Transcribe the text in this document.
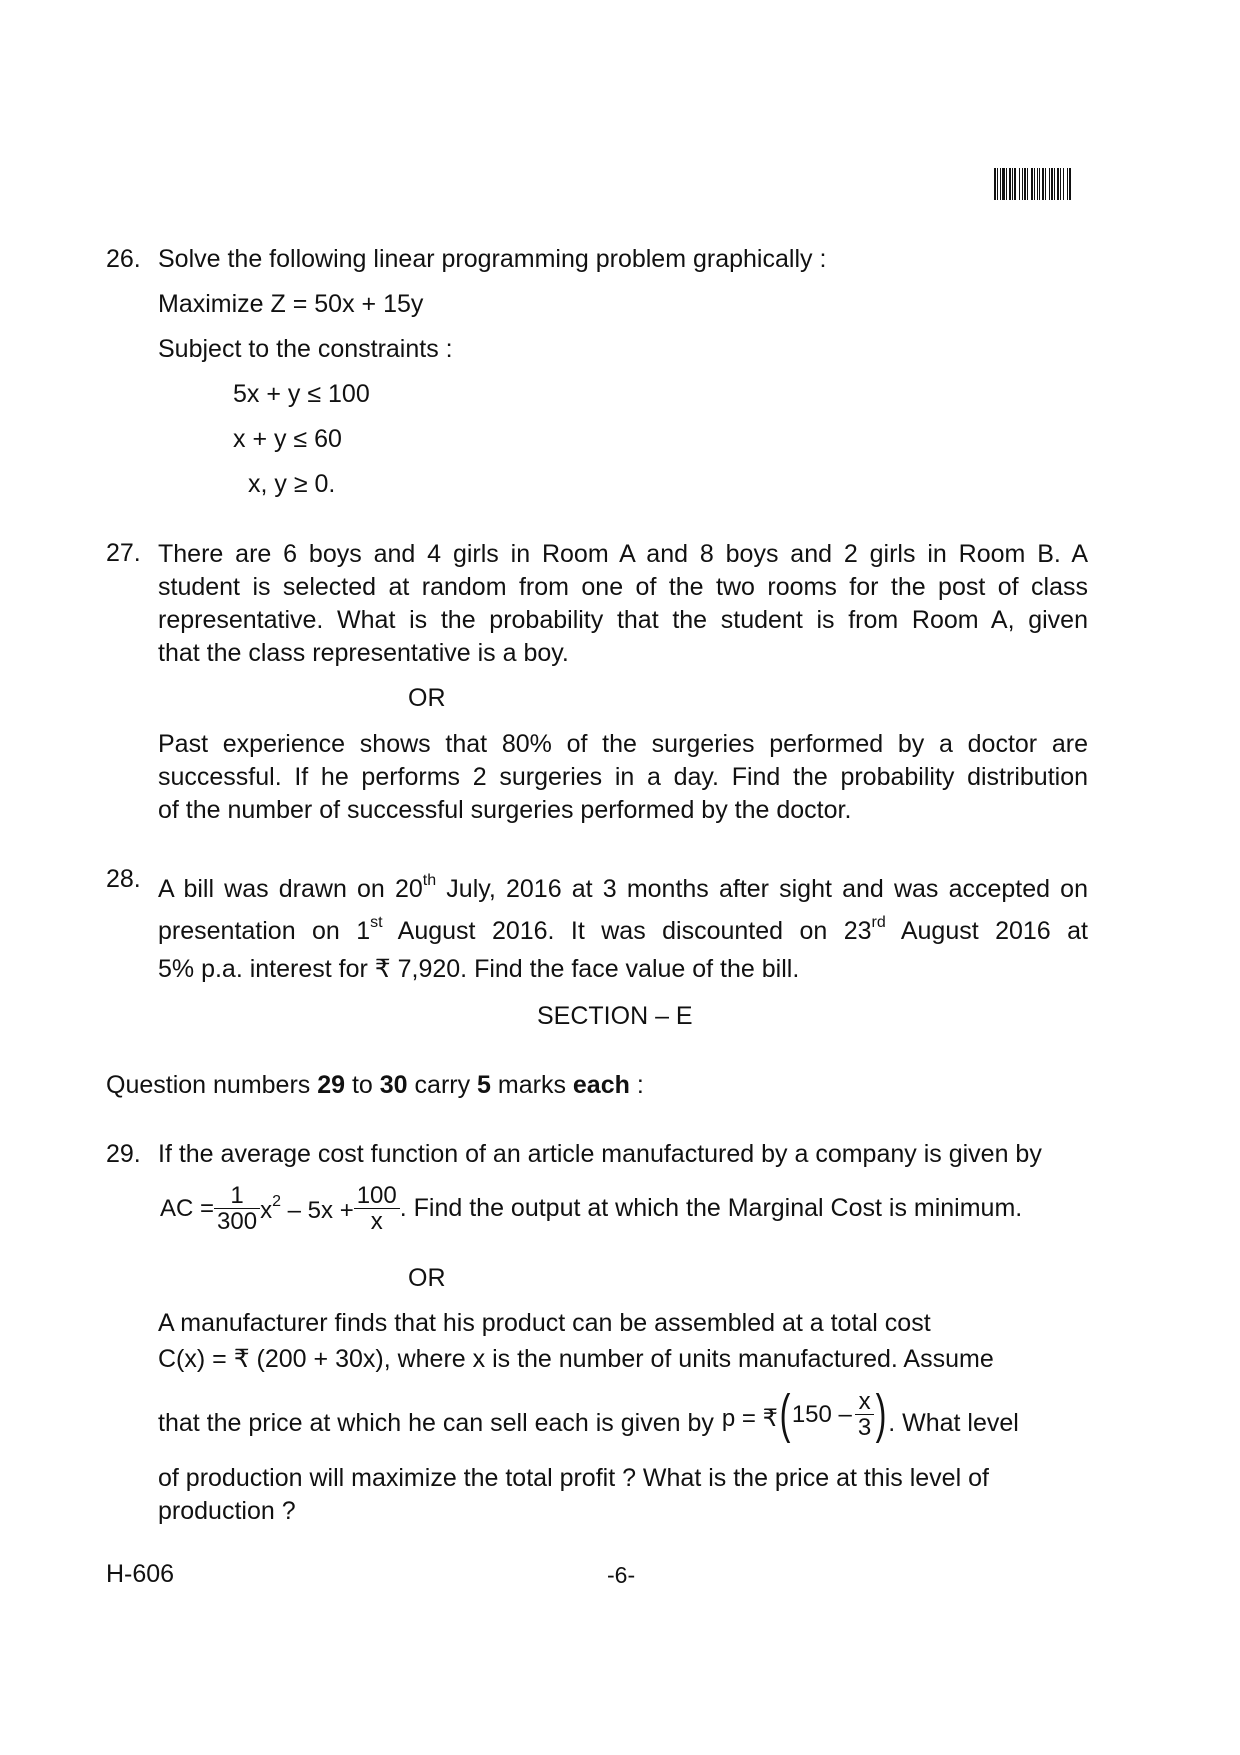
26. Solve the following linear programming problem graphically :
Maximize Z = 50x + 15y
Subject to the constraints :
5x + y ≤ 100
x + y ≤ 60
x, y ≥ 0.
27. There are 6 boys and 4 girls in Room A and 8 boys and 2 girls in Room B. A
student is selected at random from one of the two rooms for the post of class
representative. What is the probability that the student is from Room A, given
that the class representative is a boy.
OR
Past experience shows that 80% of the surgeries performed by a doctor are
successful. If he performs 2 surgeries in a day. Find the probability distribution
of the number of successful surgeries performed by the doctor.
28. A bill was drawn on 20th July, 2016 at 3 months after sight and was accepted on
presentation on 1st August 2016. It was discounted on 23rd August 2016 at
5% p.a. interest for ₹ 7,920. Find the face value of the bill.
SECTION – E
Question numbers 29 to 30 carry 5 marks each :
29. If the average cost function of an article manufactured by a company is given by
AC = $\frac{1}{300} x^2 - 5x + \frac{100}{x}$ . Find the output at which the Marginal Cost is minimum.
OR
A manufacturer finds that his product can be assembled at a total cost
C(x) = ₹ (200 + 30x), where x is the number of units manufactured. Assume
that the price at which he can sell each is given by p = ₹ ( $150 - \frac{x}{3}$ ) . What level
of production will maximize the total profit ? What is the price at this level of
production ?
H-606	-6-
